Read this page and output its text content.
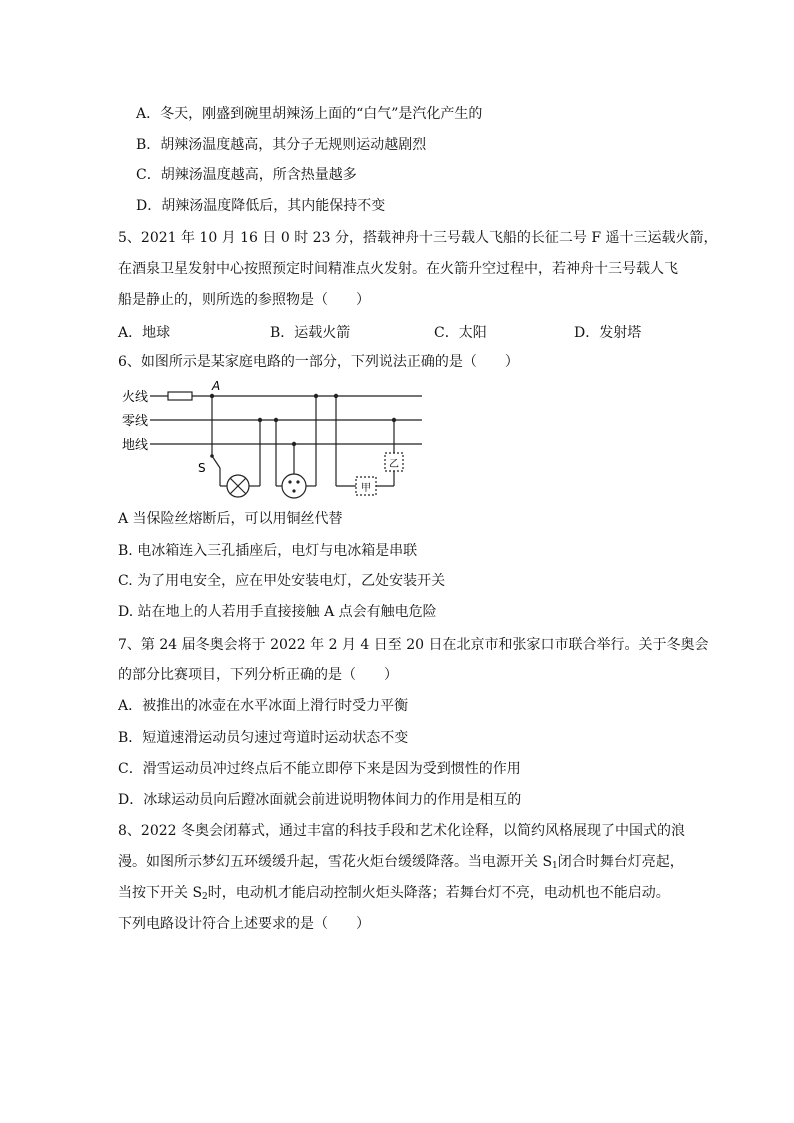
A．冬天，刚盛到碗里胡辣汤上面的“白气”是汽化产生的
B．胡辣汤温度越高，其分子无规则运动越剧烈
C．胡辣汤温度越高，所含热量越多
D．胡辣汤温度降低后，其内能保持不变
5、2021 年 10 月 16 日 0 时 23 分，搭载神舟十三号载人飞船的长征二号 F 遥十三运载火箭，
在酒泉卫星发射中心按照预定时间精准点火发射。在火箭升空过程中，若神舟十三号载人飞
船是静止的，则所选的参照物是（　　）
A．地球	B．运载火箭	C．太阳	D．发射塔
6、如图所示是某家庭电路的一部分，下列说法正确的是（　　）
火线
零线
地线
A
S
甲
乙
A 当保险丝熔断后，可以用铜丝代替
B. 电冰箱连入三孔插座后，电灯与电冰箱是串联
C. 为了用电安全，应在甲处安装电灯，乙处安装开关
D. 站在地上的人若用手直接接触 A 点会有触电危险
7、第 24 届冬奥会将于 2022 年 2 月 4 日至 20 日在北京市和张家口市联合举行。关于冬奥会
的部分比赛项目，下列分析正确的是（　　）
A．被推出的冰壶在水平冰面上滑行时受力平衡
B．短道速滑运动员匀速过弯道时运动状态不变
C．滑雪运动员冲过终点后不能立即停下来是因为受到惯性的作用
D．冰球运动员向后蹬冰面就会前进说明物体间力的作用是相互的
8、2022 冬奥会闭幕式，通过丰富的科技手段和艺术化诠释，以简约风格展现了中国式的浪
漫。如图所示梦幻五环缓缓升起，雪花火炬台缓缓降落。当电源开关 $S_1$闭合时舞台灯亮起，
当按下开关 $S_2$时，电动机才能启动控制火炬头降落；若舞台灯不亮，电动机也不能启动。
下列电路设计符合上述要求的是（　　）
